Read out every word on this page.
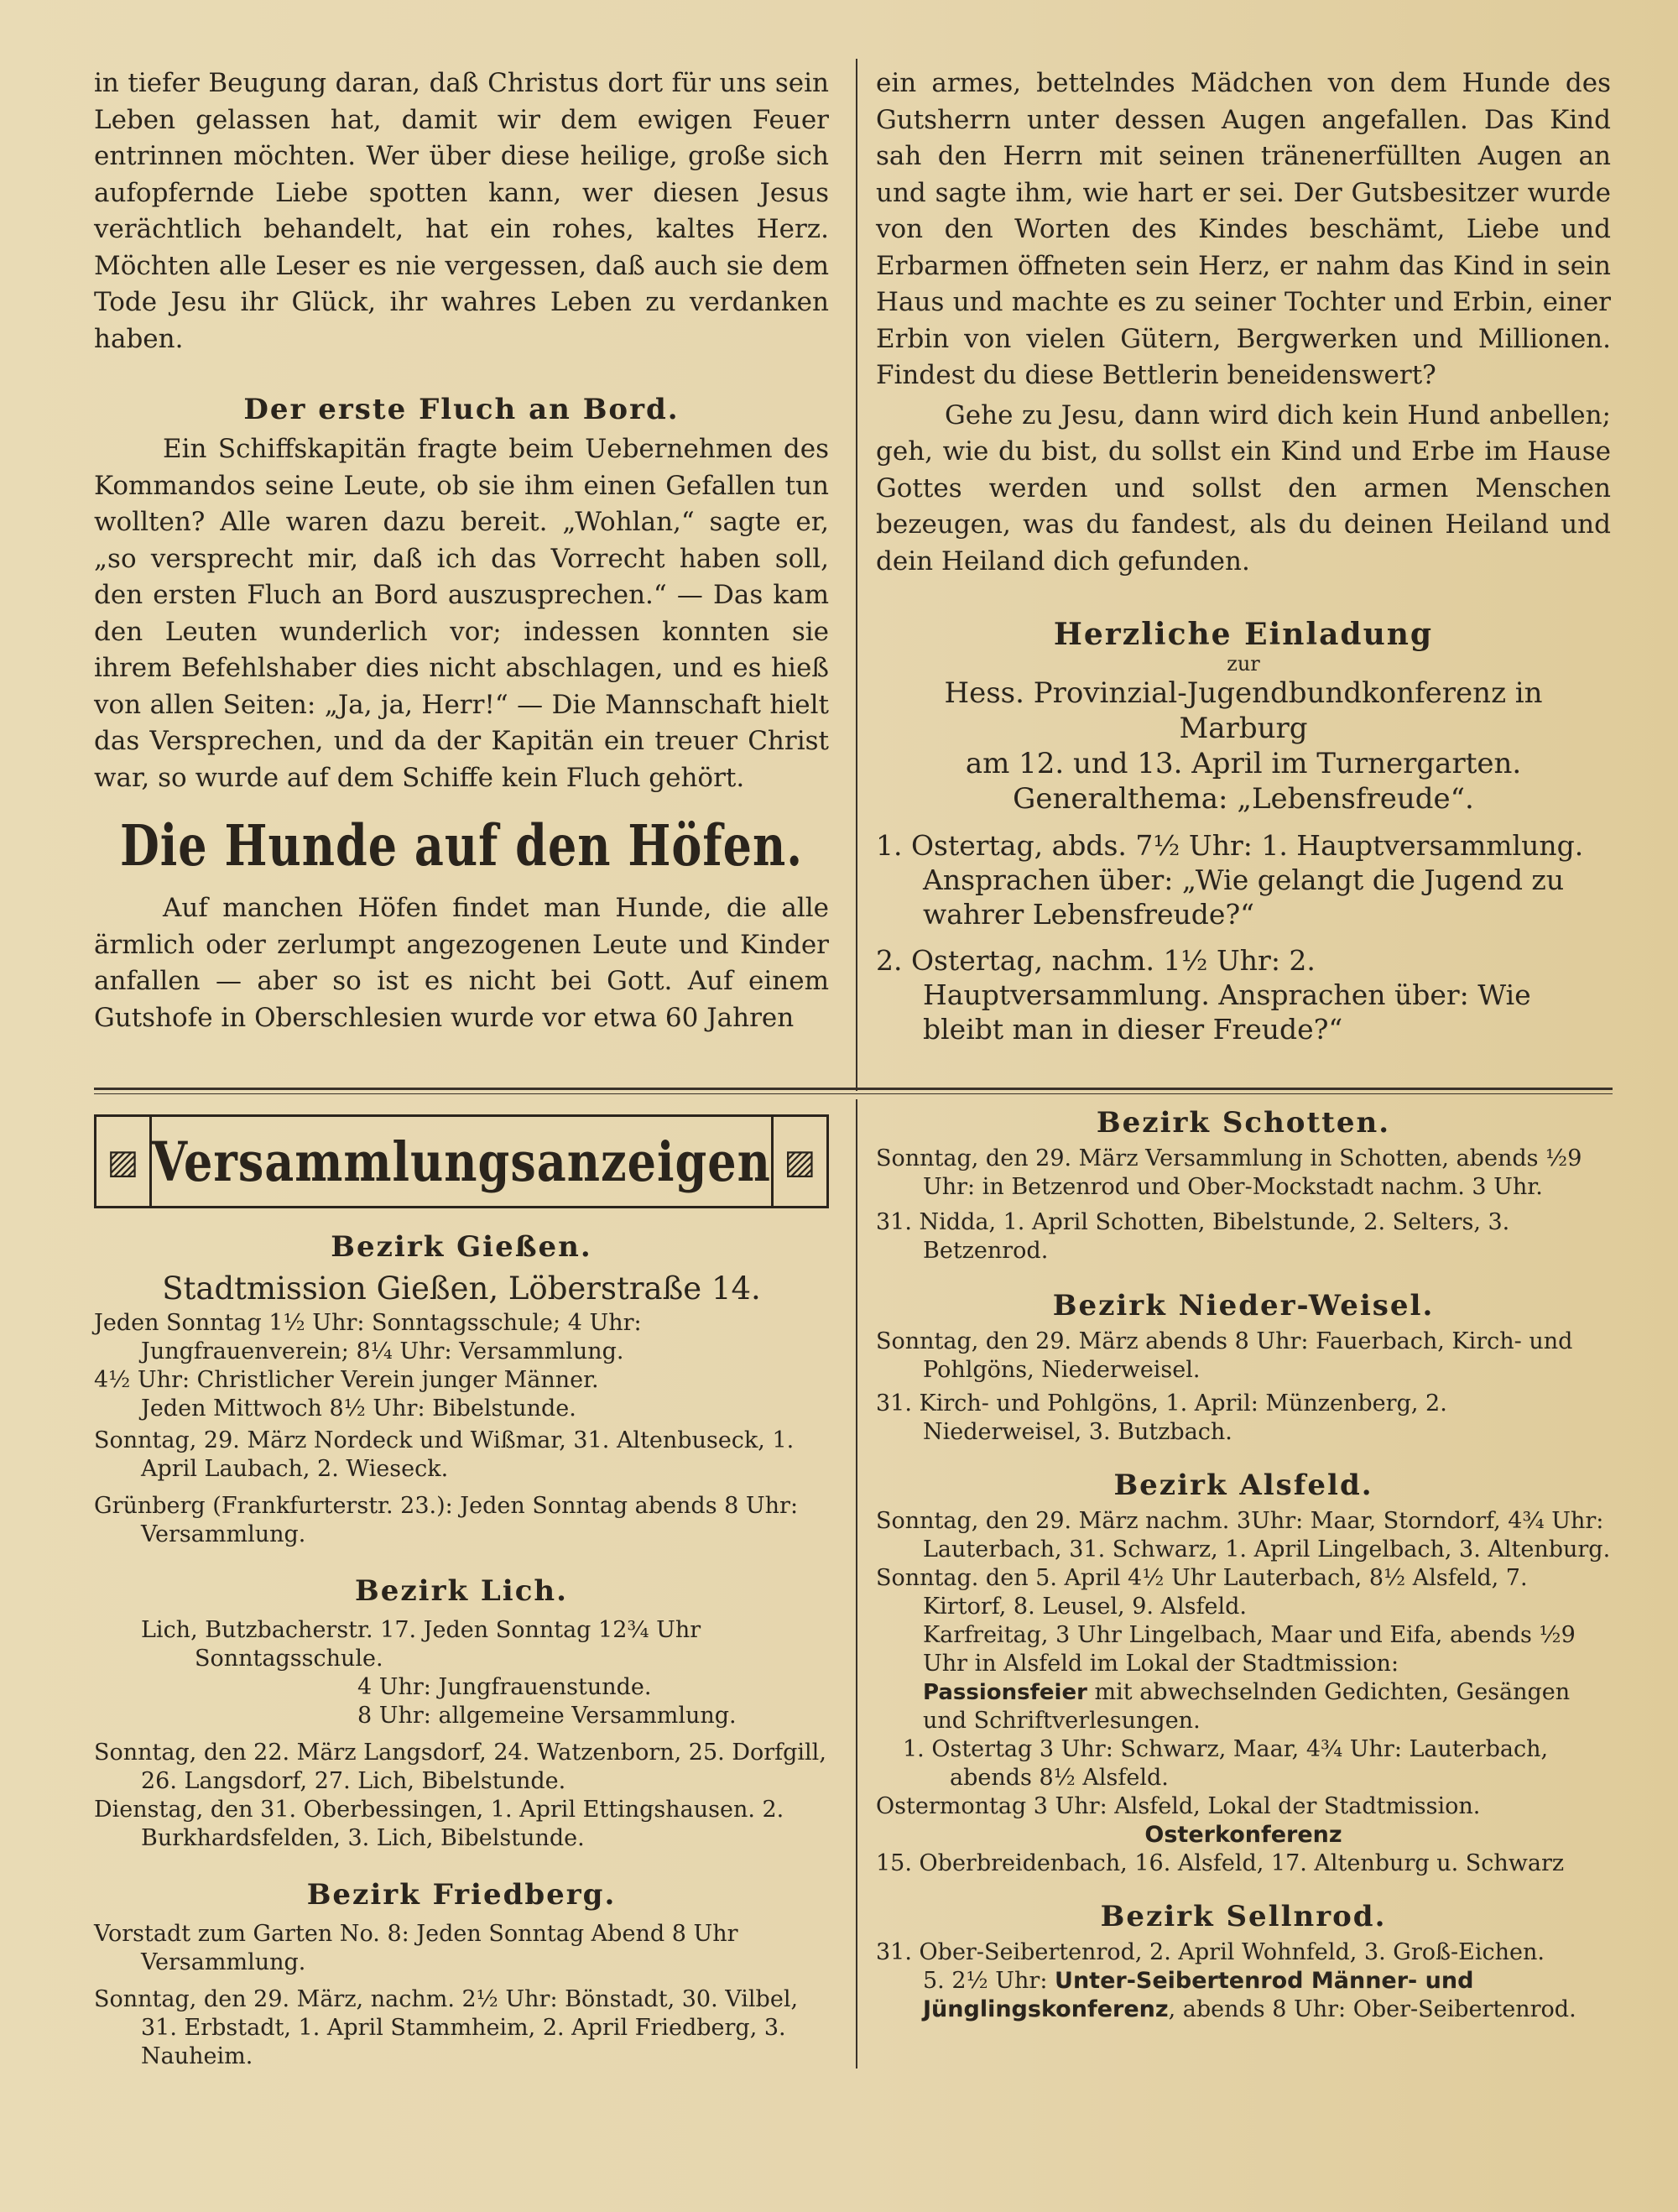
in tiefer Beugung daran, daß Christus dort für uns sein Leben gelassen hat, damit wir dem ewigen Feuer entrinnen möchten. Wer über diese heilige, große sich aufopfernde Liebe spotten kann, wer diesen Jesus verächtlich behandelt, hat ein rohes, kaltes Herz. Möchten alle Leser es nie vergessen, daß auch sie dem Tode Jesu ihr Glück, ihr wahres Leben zu verdanken haben.

Der erste Fluch an Bord.

Ein Schiffskapitän fragte beim Uebernehmen des Kommandos seine Leute, ob sie ihm einen Gefallen tun wollten? Alle waren dazu bereit. „Wohlan,“ sagte er, „so versprecht mir, daß ich das Vorrecht haben soll, den ersten Fluch an Bord auszusprechen.“ — Das kam den Leuten wunderlich vor; indessen konnten sie ihrem Befehlshaber dies nicht abschlagen, und es hieß von allen Seiten: „Ja, ja, Herr!“ — Die Mannschaft hielt das Versprechen, und da der Kapitän ein treuer Christ war, so wurde auf dem Schiffe kein Fluch gehört.

Die Hunde auf den Höfen.

Auf manchen Höfen findet man Hunde, die alle ärmlich oder zerlumpt angezogenen Leute und Kinder anfallen — aber so ist es nicht bei Gott. Auf einem Gutshofe in Oberschlesien wurde vor etwa 60 Jahren

ein armes, bettelndes Mädchen von dem Hunde des Gutsherrn unter dessen Augen angefallen. Das Kind sah den Herrn mit seinen tränenerfüllten Augen an und sagte ihm, wie hart er sei. Der Gutsbesitzer wurde von den Worten des Kindes beschämt, Liebe und Erbarmen öffneten sein Herz, er nahm das Kind in sein Haus und machte es zu seiner Tochter und Erbin, einer Erbin von vielen Gütern, Bergwerken und Millionen. Findest du diese Bettlerin beneidenswert?

Gehe zu Jesu, dann wird dich kein Hund anbellen; geh, wie du bist, du sollst ein Kind und Erbe im Hause Gottes werden und sollst den armen Menschen bezeugen, was du fandest, als du deinen Heiland und dein Heiland dich gefunden.

Herzliche Einladung

zur

Hess. Provinzial-Jugendbundkonferenz in Marburg

am 12. und 13. April im Turnergarten.

Generalthema: „Lebensfreude“.

1. Ostertag, abds. 7½ Uhr: 1. Hauptversammlung. Ansprachen über: „Wie gelangt die Jugend zu wahrer Lebensfreude?“

2. Ostertag, nachm. 1½ Uhr: 2. Hauptversammlung. Ansprachen über: Wie bleibt man in dieser Freude?“

▨ Versammlungsanzeigen ▨

Bezirk Gießen.

Stadtmission Gießen, Löberstraße 14.

Jeden Sonntag 1½ Uhr: Sonntagsschule; 4 Uhr: Jungfrauenverein; 8¼ Uhr: Versammlung.

4½ Uhr: Christlicher Verein junger Männer.

Jeden Mittwoch 8½ Uhr: Bibelstunde.

Sonntag, 29. März Nordeck und Wißmar, 31. Altenbuseck, 1. April Laubach, 2. Wieseck.

Grünberg (Frankfurterstr. 23.): Jeden Sonntag abends 8 Uhr: Versammlung.

Bezirk Lich.

Lich, Butzbacherstr. 17. Jeden Sonntag 12¾ Uhr Sonntagsschule.

4 Uhr: Jungfrauenstunde.

8 Uhr: allgemeine Versammlung.

Sonntag, den 22. März Langsdorf, 24. Watzenborn, 25. Dorfgill, 26. Langsdorf, 27. Lich, Bibelstunde.

Dienstag, den 31. Oberbessingen, 1. April Ettingshausen. 2. Burkhardsfelden, 3. Lich, Bibelstunde.

Bezirk Friedberg.

Vorstadt zum Garten No. 8: Jeden Sonntag Abend 8 Uhr Versammlung.

Sonntag, den 29. März, nachm. 2½ Uhr: Bönstadt, 30. Vilbel, 31. Erbstadt, 1. April Stammheim, 2. April Friedberg, 3. Nauheim.

Bezirk Schotten.

Sonntag, den 29. März Versammlung in Schotten, abends ½9 Uhr: in Betzenrod und Ober-Mockstadt nachm. 3 Uhr.

31. Nidda, 1. April Schotten, Bibelstunde, 2. Selters, 3. Betzenrod.

Bezirk Nieder-Weisel.

Sonntag, den 29. März abends 8 Uhr: Fauerbach, Kirch- und Pohlgöns, Niederweisel.

31. Kirch- und Pohlgöns, 1. April: Münzenberg, 2. Niederweisel, 3. Butzbach.

Bezirk Alsfeld.

Sonntag, den 29. März nachm. 3Uhr: Maar, Storndorf, 4¾ Uhr: Lauterbach, 31. Schwarz, 1. April Lingelbach, 3. Altenburg.

Sonntag. den 5. April 4½ Uhr Lauterbach, 8½ Alsfeld, 7. Kirtorf, 8. Leusel, 9. Alsfeld.

Karfreitag, 3 Uhr Lingelbach, Maar und Eifa, abends ½9 Uhr in Alsfeld im Lokal der Stadtmission:

Passionsfeier mit abwechselnden Gedichten, Gesängen und Schriftverlesungen.

1. Ostertag 3 Uhr: Schwarz, Maar, 4¾ Uhr: Lauterbach, abends 8½ Alsfeld.

Ostermontag 3 Uhr: Alsfeld, Lokal der Stadtmission.

Osterkonferenz

15. Oberbreidenbach, 16. Alsfeld, 17. Altenburg u. Schwarz

Bezirk Sellnrod.

31. Ober-Seibertenrod, 2. April Wohnfeld, 3. Groß-Eichen.

5. 2½ Uhr: Unter-Seibertenrod Männer- und Jünglingskonferenz, abends 8 Uhr: Ober-Seibertenrod.
